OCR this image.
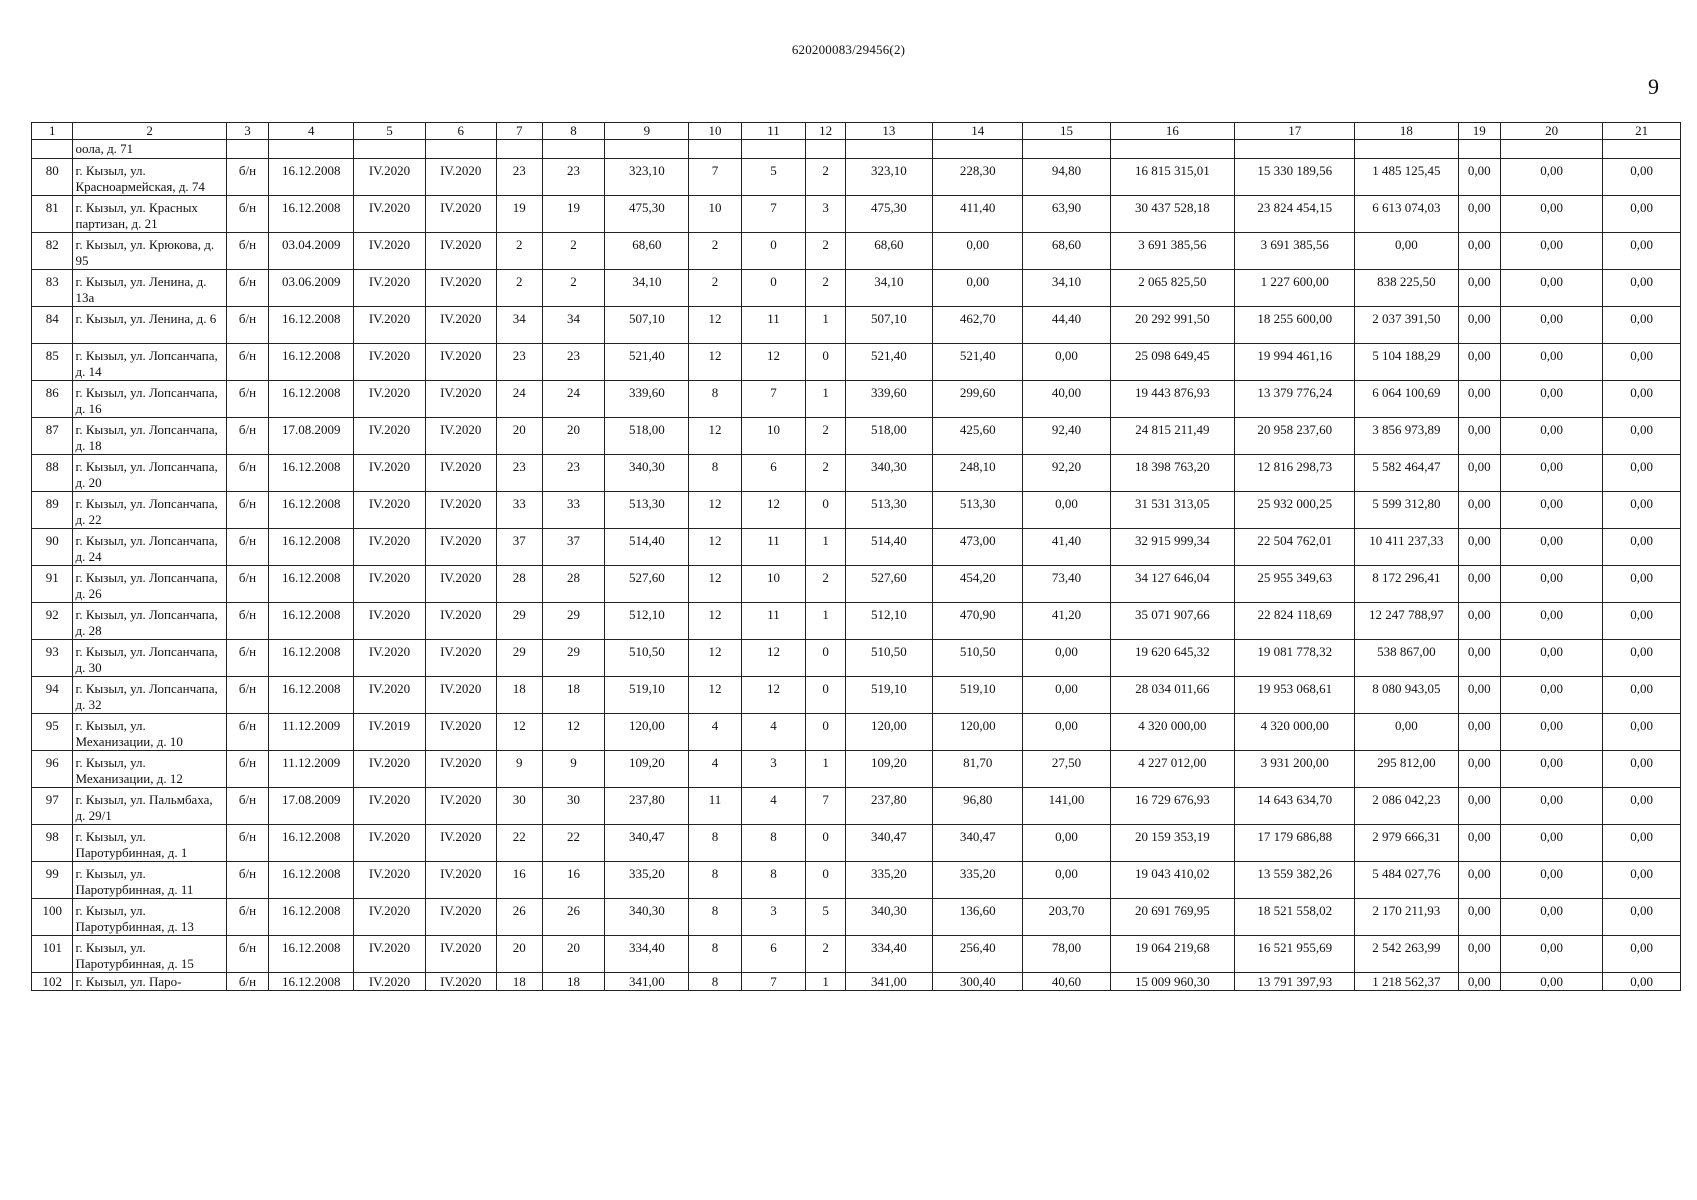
620200083/29456(2)
9
1	2	3	4	5	6	7	8	9	10	11	12	13	14	15	16	17	18	19	20	21
	оола, д. 71																			
80	г. Кызыл, ул. Красноармейская, д. 74	б/н	16.12.2008	IV.2020	IV.2020	23	23	323,10	7	5	2	323,10	228,30	94,80	16 815 315,01	15 330 189,56	1 485 125,45	0,00	0,00	0,00
81	г. Кызыл, ул. Красных партизан, д. 21	б/н	16.12.2008	IV.2020	IV.2020	19	19	475,30	10	7	3	475,30	411,40	63,90	30 437 528,18	23 824 454,15	6 613 074,03	0,00	0,00	0,00
82	г. Кызыл, ул. Крюкова, д. 95	б/н	03.04.2009	IV.2020	IV.2020	2	2	68,60	2	0	2	68,60	0,00	68,60	3 691 385,56	3 691 385,56	0,00	0,00	0,00	0,00
83	г. Кызыл, ул. Ленина, д. 13а	б/н	03.06.2009	IV.2020	IV.2020	2	2	34,10	2	0	2	34,10	0,00	34,10	2 065 825,50	1 227 600,00	838 225,50	0,00	0,00	0,00
84	г. Кызыл, ул. Ленина, д. 6	б/н	16.12.2008	IV.2020	IV.2020	34	34	507,10	12	11	1	507,10	462,70	44,40	20 292 991,50	18 255 600,00	2 037 391,50	0,00	0,00	0,00
85	г. Кызыл, ул. Лопсанчапа, д. 14	б/н	16.12.2008	IV.2020	IV.2020	23	23	521,40	12	12	0	521,40	521,40	0,00	25 098 649,45	19 994 461,16	5 104 188,29	0,00	0,00	0,00
86	г. Кызыл, ул. Лопсанчапа, д. 16	б/н	16.12.2008	IV.2020	IV.2020	24	24	339,60	8	7	1	339,60	299,60	40,00	19 443 876,93	13 379 776,24	6 064 100,69	0,00	0,00	0,00
87	г. Кызыл, ул. Лопсанчапа, д. 18	б/н	17.08.2009	IV.2020	IV.2020	20	20	518,00	12	10	2	518,00	425,60	92,40	24 815 211,49	20 958 237,60	3 856 973,89	0,00	0,00	0,00
88	г. Кызыл, ул. Лопсанчапа, д. 20	б/н	16.12.2008	IV.2020	IV.2020	23	23	340,30	8	6	2	340,30	248,10	92,20	18 398 763,20	12 816 298,73	5 582 464,47	0,00	0,00	0,00
89	г. Кызыл, ул. Лопсанчапа, д. 22	б/н	16.12.2008	IV.2020	IV.2020	33	33	513,30	12	12	0	513,30	513,30	0,00	31 531 313,05	25 932 000,25	5 599 312,80	0,00	0,00	0,00
90	г. Кызыл, ул. Лопсанчапа, д. 24	б/н	16.12.2008	IV.2020	IV.2020	37	37	514,40	12	11	1	514,40	473,00	41,40	32 915 999,34	22 504 762,01	10 411 237,33	0,00	0,00	0,00
91	г. Кызыл, ул. Лопсанчапа, д. 26	б/н	16.12.2008	IV.2020	IV.2020	28	28	527,60	12	10	2	527,60	454,20	73,40	34 127 646,04	25 955 349,63	8 172 296,41	0,00	0,00	0,00
92	г. Кызыл, ул. Лопсанчапа, д. 28	б/н	16.12.2008	IV.2020	IV.2020	29	29	512,10	12	11	1	512,10	470,90	41,20	35 071 907,66	22 824 118,69	12 247 788,97	0,00	0,00	0,00
93	г. Кызыл, ул. Лопсанчапа, д. 30	б/н	16.12.2008	IV.2020	IV.2020	29	29	510,50	12	12	0	510,50	510,50	0,00	19 620 645,32	19 081 778,32	538 867,00	0,00	0,00	0,00
94	г. Кызыл, ул. Лопсанчапа, д. 32	б/н	16.12.2008	IV.2020	IV.2020	18	18	519,10	12	12	0	519,10	519,10	0,00	28 034 011,66	19 953 068,61	8 080 943,05	0,00	0,00	0,00
95	г. Кызыл, ул. Механизации, д. 10	б/н	11.12.2009	IV.2019	IV.2020	12	12	120,00	4	4	0	120,00	120,00	0,00	4 320 000,00	4 320 000,00	0,00	0,00	0,00	0,00
96	г. Кызыл, ул. Механизации, д. 12	б/н	11.12.2009	IV.2020	IV.2020	9	9	109,20	4	3	1	109,20	81,70	27,50	4 227 012,00	3 931 200,00	295 812,00	0,00	0,00	0,00
97	г. Кызыл, ул. Пальмбаха, д. 29/1	б/н	17.08.2009	IV.2020	IV.2020	30	30	237,80	11	4	7	237,80	96,80	141,00	16 729 676,93	14 643 634,70	2 086 042,23	0,00	0,00	0,00
98	г. Кызыл, ул. Паротурбинная, д. 1	б/н	16.12.2008	IV.2020	IV.2020	22	22	340,47	8	8	0	340,47	340,47	0,00	20 159 353,19	17 179 686,88	2 979 666,31	0,00	0,00	0,00
99	г. Кызыл, ул. Паротурбинная, д. 11	б/н	16.12.2008	IV.2020	IV.2020	16	16	335,20	8	8	0	335,20	335,20	0,00	19 043 410,02	13 559 382,26	5 484 027,76	0,00	0,00	0,00
100	г. Кызыл, ул. Паротурбинная, д. 13	б/н	16.12.2008	IV.2020	IV.2020	26	26	340,30	8	3	5	340,30	136,60	203,70	20 691 769,95	18 521 558,02	2 170 211,93	0,00	0,00	0,00
101	г. Кызыл, ул. Паротурбинная, д. 15	б/н	16.12.2008	IV.2020	IV.2020	20	20	334,40	8	6	2	334,40	256,40	78,00	19 064 219,68	16 521 955,69	2 542 263,99	0,00	0,00	0,00
102	г. Кызыл, ул. Паро-	б/н	16.12.2008	IV.2020	IV.2020	18	18	341,00	8	7	1	341,00	300,40	40,60	15 009 960,30	13 791 397,93	1 218 562,37	0,00	0,00	0,00
